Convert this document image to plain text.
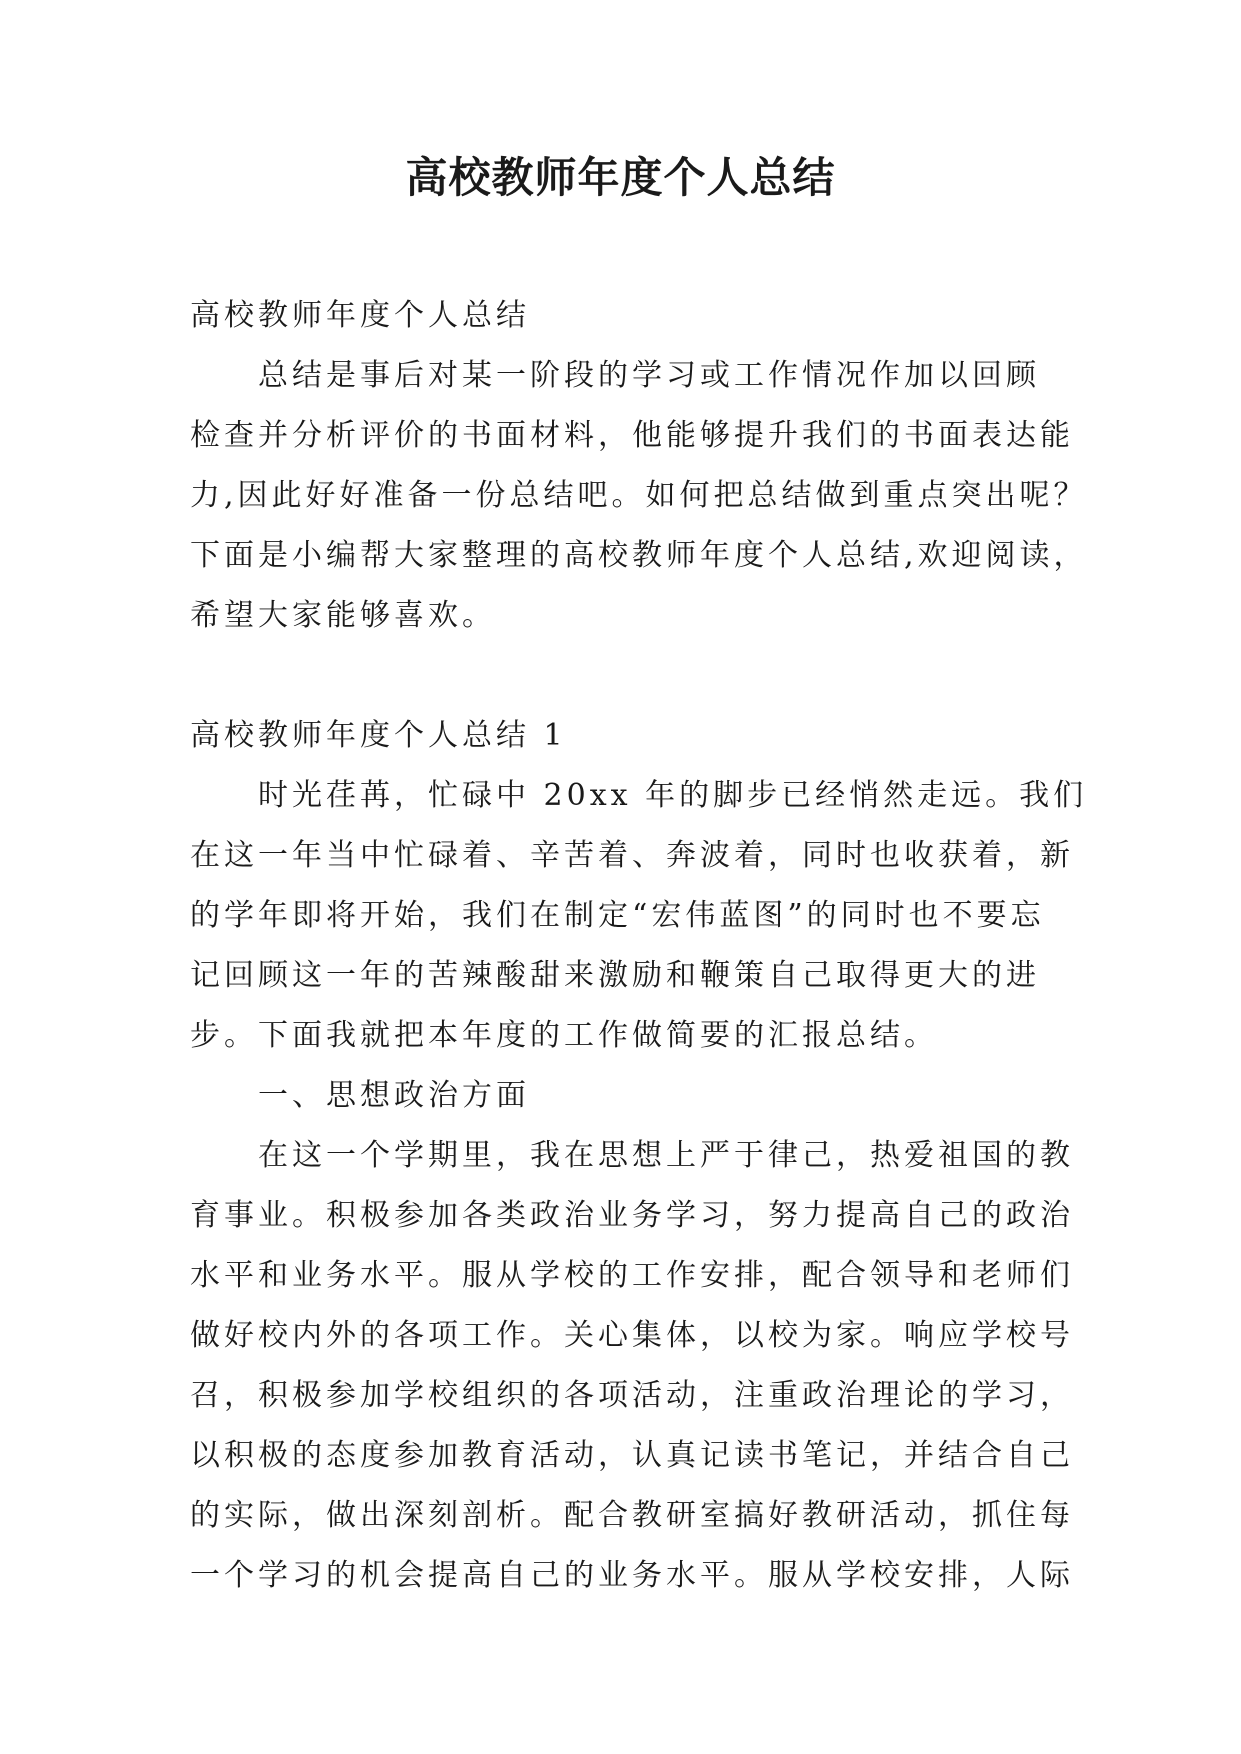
高校教师年度个人总结
高校教师年度个人总结
总结是事后对某一阶段的学习或工作情况作加以回顾
检查并分析评价的书面材料，他能够提升我们的书面表达能
力,因此好好准备一份总结吧。如何把总结做到重点突出呢？
下面是小编帮大家整理的高校教师年度个人总结,欢迎阅读，
希望大家能够喜欢。
高校教师年度个人总结 1
时光荏苒，忙碌中 20xx 年的脚步已经悄然走远。我们
在这一年当中忙碌着、辛苦着、奔波着，同时也收获着，新
的学年即将开始，我们在制定“宏伟蓝图”的同时也不要忘
记回顾这一年的苦辣酸甜来激励和鞭策自己取得更大的进
步。下面我就把本年度的工作做简要的汇报总结。
一、思想政治方面
在这一个学期里，我在思想上严于律己，热爱祖国的教
育事业。积极参加各类政治业务学习，努力提高自己的政治
水平和业务水平。服从学校的工作安排，配合领导和老师们
做好校内外的各项工作。关心集体，以校为家。响应学校号
召，积极参加学校组织的各项活动，注重政治理论的学习，
以积极的态度参加教育活动，认真记读书笔记，并结合自己
的实际，做出深刻剖析。配合教研室搞好教研活动，抓住每
一个学习的机会提高自己的业务水平。服从学校安排，人际
